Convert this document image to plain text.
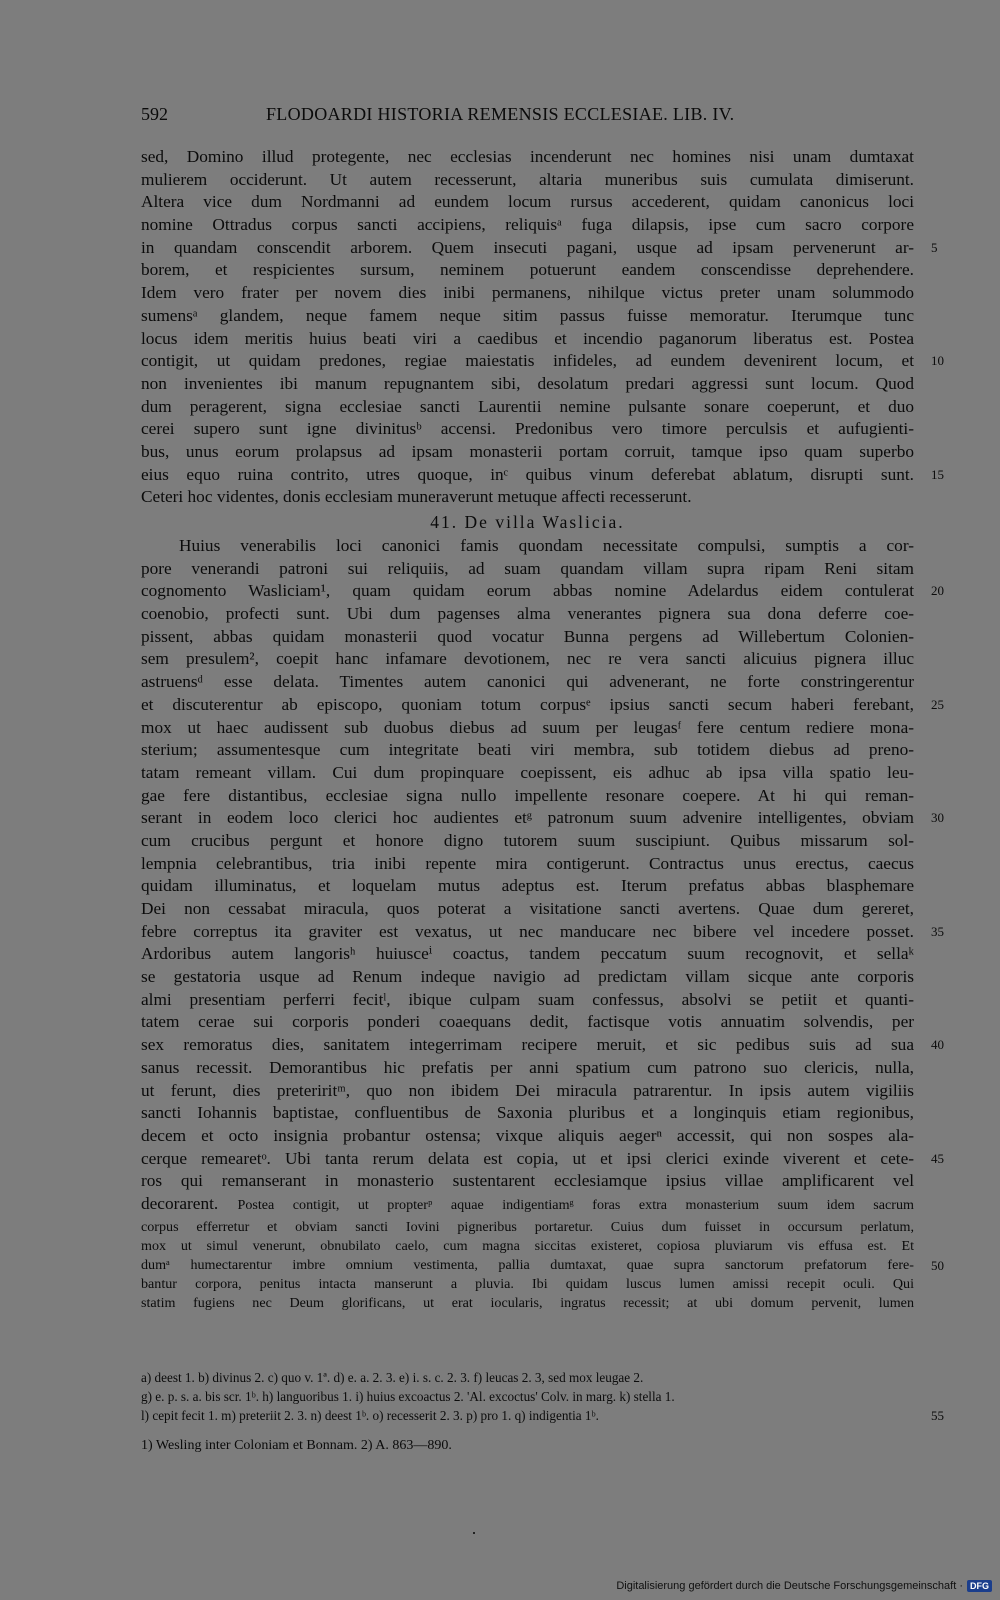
592	FLODOARDI HISTORIA REMENSIS ECCLESIAE. LIB. IV.
sed, Domino illud protegente, nec ecclesias incenderunt nec homines nisi unam dumtaxat
mulierem occiderunt. Ut autem recesserunt, altaria muneribus suis cumulata dimiserunt.
Altera vice dum Nordmanni ad eundem locum rursus accederent, quidam canonicus loci
nomine Ottradus corpus sancti accipiens, reliquisᵃ fuga dilapsis, ipse cum sacro corpore
in quandam conscendit arborem. Quem insecuti pagani, usque ad ipsam pervenerunt ar- 5
borem, et respicientes sursum, neminem potuerunt eandem conscendisse deprehendere.
Idem vero frater per novem dies inibi permanens, nihilque victus preter unam solummodo
sumensᵃ glandem, neque famem neque sitim passus fuisse memoratur. Iterumque tunc
locus idem meritis huius beati viri a caedibus et incendio paganorum liberatus est. Postea
contigit, ut quidam predones, regiae maiestatis infideles, ad eundem devenirent locum, et 10
non invenientes ibi manum repugnantem sibi, desolatum predari aggressi sunt locum. Quod
dum peragerent, signa ecclesiae sancti Laurentii nemine pulsante sonare coeperunt, et duo
cerei supero sunt igne divinitusᵇ accensi. Predonibus vero timore perculsis et aufugienti-
bus, unus eorum prolapsus ad ipsam monasterii portam corruit, tamque ipso quam superbo
eius equo ruina contrito, utres quoque, inᶜ quibus vinum deferebat ablatum, disrupti sunt. 15
Ceteri hoc videntes, donis ecclesiam muneraverunt metuque affecti recesserunt.
41. De villa Waslicia.
Huius venerabilis loci canonici famis quondam necessitate compulsi, sumptis a cor-
pore venerandi patroni sui reliquiis, ad suam quandam villam supra ripam Reni sitam
cognomento Wasliciam¹, quam quidam eorum abbas nomine Adelardus eidem contulerat 20
coenobio, profecti sunt. Ubi dum pagenses alma venerantes pignera sua dona deferre coe-
pissent, abbas quidam monasterii quod vocatur Bunna pergens ad Willebertum Colonien-
sem presulem², coepit hanc infamare devotionem, nec re vera sancti alicuius pignera illuc
astruensᵈ esse delata. Timentes autem canonici qui advenerant, ne forte constringerentur
et discuterentur ab episcopo, quoniam totum corpusᵉ ipsius sancti secum haberi ferebant, 25
mox ut haec audissent sub duobus diebus ad suum per leugasᶠ fere centum rediere mona-
sterium; assumentesque cum integritate beati viri membra, sub totidem diebus ad preno-
tatam remeant villam. Cui dum propinquare coepissent, eis adhuc ab ipsa villa spatio leu-
gae fere distantibus, ecclesiae signa nullo impellente resonare coepere. At hi qui reman-
serant in eodem loco clerici hoc audientes etᵍ patronum suum advenire intelligentes, obviam 30
cum crucibus pergunt et honore digno tutorem suum suscipiunt. Quibus missarum sol-
lempnia celebrantibus, tria inibi repente mira contigerunt. Contractus unus erectus, caecus
quidam illuminatus, et loquelam mutus adeptus est. Iterum prefatus abbas blasphemare
Dei non cessabat miracula, quos poterat a visitatione sancti avertens. Quae dum gereret,
febre correptus ita graviter est vexatus, ut nec manducare nec bibere vel incedere posset. 35
Ardoribus autem langorisʰ huiusceⁱ coactus, tandem peccatum suum recognovit, et sellaᵏ
se gestatoria usque ad Renum indeque navigio ad predictam villam sicque ante corporis
almi presentiam perferri fecitˡ, ibique culpam suam confessus, absolvi se petiit et quanti-
tatem cerae sui corporis ponderi coaequans dedit, factisque votis annuatim solvendis, per
sex remoratus dies, sanitatem integerrimam recipere meruit, et sic pedibus suis ad sua 40
sanus recessit. Demorantibus hic prefatis per anni spatium cum patrono suo clericis, nulla,
ut ferunt, dies preteriritᵐ, quo non ibidem Dei miracula patrarentur. In ipsis autem vigiliis
sancti Iohannis baptistae, confluentibus de Saxonia pluribus et a longinquis etiam regionibus,
decem et octo insignia probantur ostensa; vixque aliquis aegerⁿ accessit, qui non sospes ala-
cerque remearetᵒ. Ubi tanta rerum delata est copia, ut et ipsi clerici exinde viverent et cete- 45
ros qui remanserant in monasterio sustentarent ecclesiamque ipsius villae amplificarent vel
decorarent. Postea contigit, ut propterᵖ aquae indigentiamᵍ foras extra monasterium suum idem sacrum
corpus efferretur et obviam sancti Iovini pigneribus portaretur. Cuius dum fuisset in occursum perlatum,
mox ut simul venerunt, obnubilato caelo, cum magna siccitas existeret, copiosa pluviarum vis effusa est. Et
dumᵃ humectarentur imbre omnium vestimenta, pallia dumtaxat, quae supra sanctorum prefatorum fere- 50
bantur corpora, penitus intacta manserunt a pluvia. Ibi quidam luscus lumen amissi recepit oculi. Qui
statim fugiens nec Deum glorificans, ut erat iocularis, ingratus recessit; at ubi domum pervenit, lumen
a) deest 1. b) divinus 2. c) quo v. 1ª. d) e. a. 2. 3. e) i. s. c. 2. 3. f) leucas 2. 3, sed mox leugae 2.
g) e. p. s. a. bis scr. 1ᵇ. h) languoribus 1. i) huius excoactus 2. 'Al. excoctus' Colv. in marg. k) stella 1.
l) cepit fecit 1. m) preteriit 2. 3. n) deest 1ᵇ. o) recesserit 2. 3. p) pro 1. q) indigentia 1ᵇ.	55
1) Wesling inter Coloniam et Bonnam. 2) A. 863—890.
Digitalisierung gefördert durch die Deutsche Forschungsgemeinschaft · DFG
